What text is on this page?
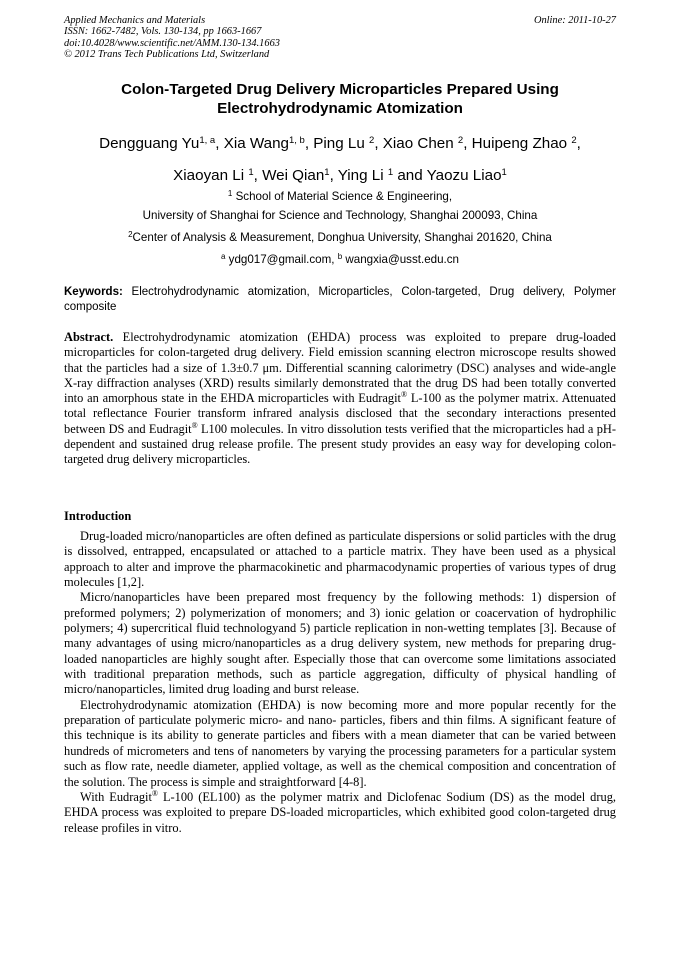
Applied Mechanics and Materials
ISSN: 1662-7482, Vols. 130-134, pp 1663-1667
doi:10.4028/www.scientific.net/AMM.130-134.1663
© 2012 Trans Tech Publications Ltd, Switzerland
Online: 2011-10-27
Colon-Targeted Drug Delivery Microparticles Prepared Using
Electrohydrodynamic Atomization
Dengguang Yu$^{1, a}$, Xia Wang$^{1, b}$, Ping Lu $^2$, Xiao Chen $^2$, Huipeng Zhao $^2$,
Xiaoyan Li $^1$, Wei Qian$^1$, Ying Li $^1$ and Yaozu Liao$^1$
$^1$ School of Material Science & Engineering,
University of Shanghai for Science and Technology, Shanghai 200093, China
$^2$Center of Analysis & Measurement, Donghua University, Shanghai 201620, China
$^a$ ydg017@gmail.com, $^b$ wangxia@usst.edu.cn
Keywords: Electrohydrodynamic atomization, Microparticles, Colon-targeted, Drug delivery, Polymer composite
Abstract. Electrohydrodynamic atomization (EHDA) process was exploited to prepare drug-loaded microparticles for colon-targeted drug delivery. Field emission scanning electron microscope results showed that the particles had a size of 1.3±0.7 μm. Differential scanning calorimetry (DSC) analyses and wide-angle X-ray diffraction analyses (XRD) results similarly demonstrated that the drug DS had been totally converted into an amorphous state in the EHDA microparticles with Eudragit® L-100 as the polymer matrix. Attenuated total reflectance Fourier transform infrared analysis disclosed that the secondary interactions presented between DS and Eudragit® L100 molecules. In vitro dissolution tests verified that the microparticles had a pH-dependent and sustained drug release profile. The present study provides an easy way for developing colon-targeted drug delivery microparticles.
Introduction

Drug-loaded micro/nanoparticles are often defined as particulate dispersions or solid particles with the drug is dissolved, entrapped, encapsulated or attached to a particle matrix. They have been used as a physical approach to alter and improve the pharmacokinetic and pharmacodynamic properties of various types of drug molecules [1,2].

Micro/nanoparticles have been prepared most frequency by the following methods: 1) dispersion of preformed polymers; 2) polymerization of monomers; and 3) ionic gelation or coacervation of hydrophilic polymers; 4) supercritical fluid technologyand 5) particle replication in non-wetting templates [3]. Because of many advantages of using micro/nanoparticles as a drug delivery system, new methods for preparing drug-loaded nanoparticles are highly sought after. Especially those that can overcome some limitations associated with traditional preparation methods, such as particle aggregation, difficulty of physical handling of micro/nanoparticles, limited drug loading and burst release.

Electrohydrodynamic atomization (EHDA) is now becoming more and more popular recently for the preparation of particulate polymeric micro- and nano- particles, fibers and thin films. A significant feature of this technique is its ability to generate particles and fibers with a mean diameter that can be varied between hundreds of micrometers and tens of nanometers by varying the processing parameters for a particular system such as flow rate, needle diameter, applied voltage, as well as the chemical composition and concentration of the solution. The process is simple and straightforward [4-8].

With Eudragit® L-100 (EL100) as the polymer matrix and Diclofenac Sodium (DS) as the model drug, EHDA process was exploited to prepare DS-loaded microparticles, which exhibited good colon-targeted drug release profiles in vitro.
